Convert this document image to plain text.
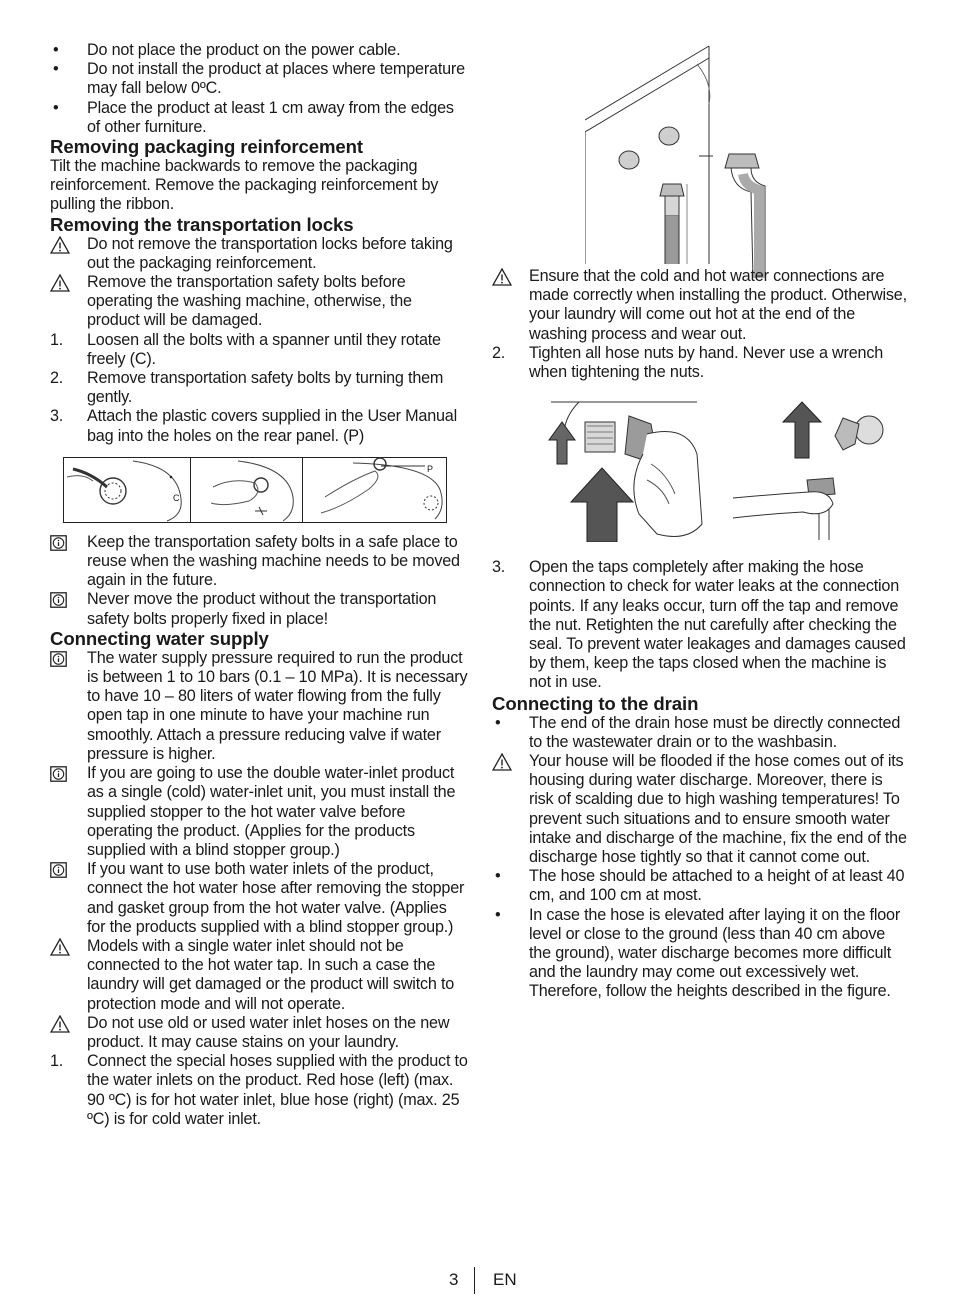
•	Do not place the product on the power cable.
•	Do not install the product at places where temperature may fall below 0ºC.
•	Place the product at least 1 cm away from the edges of other furniture.
Removing packaging reinforcement

Tilt the machine backwards to remove the packaging reinforcement. Remove the packaging reinforcement by pulling the ribbon.

Removing the transportation locks
Do not remove the transportation locks before taking out the packaging reinforcement.
Remove the transportation safety bolts before operating the washing machine, otherwise, the product will be damaged.
1.	Loosen all the bolts with a spanner until they rotate freely (C).
2.	Remove transportation safety bolts by turning them gently.
3.	Attach the plastic covers supplied in the User Manual bag into the holes on the rear panel. (P)
C
P
Keep the transportation safety bolts in a safe place to reuse when the washing machine needs to be moved again in the future.
Never move the product without the transportation safety bolts properly fixed in place!
Connecting water supply
The water supply pressure required to run the product is between 1 to 10 bars (0.1 – 10 MPa). It is necessary to have 10 – 80 liters of water flowing from the fully open tap in one minute to have your machine run smoothly. Attach a pressure reducing valve if water pressure is higher.
If you are going to use the double water-inlet product as a single (cold) water-inlet unit, you must install the supplied stopper to the hot water valve before operating the product. (Applies for the products supplied with a blind stopper group.)
If you want to use both water inlets of the product, connect the hot water hose after removing the stopper and gasket group from the hot water valve. (Applies for the products supplied with a blind stopper group.)
Models with a single water inlet should not be connected to the hot water tap. In such a case the laundry will get damaged or the product will switch to protection mode and will not operate.
Do not use old or used water inlet hoses on the new product. It may cause stains on your laundry.
1.	Connect the special hoses supplied with the product to the water inlets on the product. Red hose (left) (max. 90 ºC) is for hot water inlet, blue hose (right) (max. 25 ºC) is for cold water inlet.
Ensure that the cold and hot water connections are made correctly when installing the product. Otherwise, your laundry will come out hot at the end of the washing process and wear out.
2.	Tighten all hose nuts by hand. Never use a wrench when tightening the nuts.
3.	Open the taps completely after making the hose connection to check for water leaks at the connection points. If any leaks occur, turn off the tap and remove the nut. Retighten the nut carefully after checking the seal. To prevent water leakages and damages caused by them, keep the taps closed when the machine is not in use.
Connecting to the drain
•	The end of the drain hose must be directly connected to the wastewater drain or to the washbasin.
Your house will be flooded if the hose comes out of its housing during water discharge. Moreover, there is risk of scalding due to high washing temperatures! To prevent such situations and to ensure smooth water intake and discharge of the machine, fix the end of the discharge hose tightly so that it cannot come out.
•	The hose should be attached to a height of at least 40 cm, and 100 cm at most.
•	In case the hose is elevated after laying it on the floor level or close to the ground (less than 40 cm above the ground), water discharge becomes more difficult and the laundry may come out excessively wet. Therefore, follow the heights described in the figure.
3 EN
